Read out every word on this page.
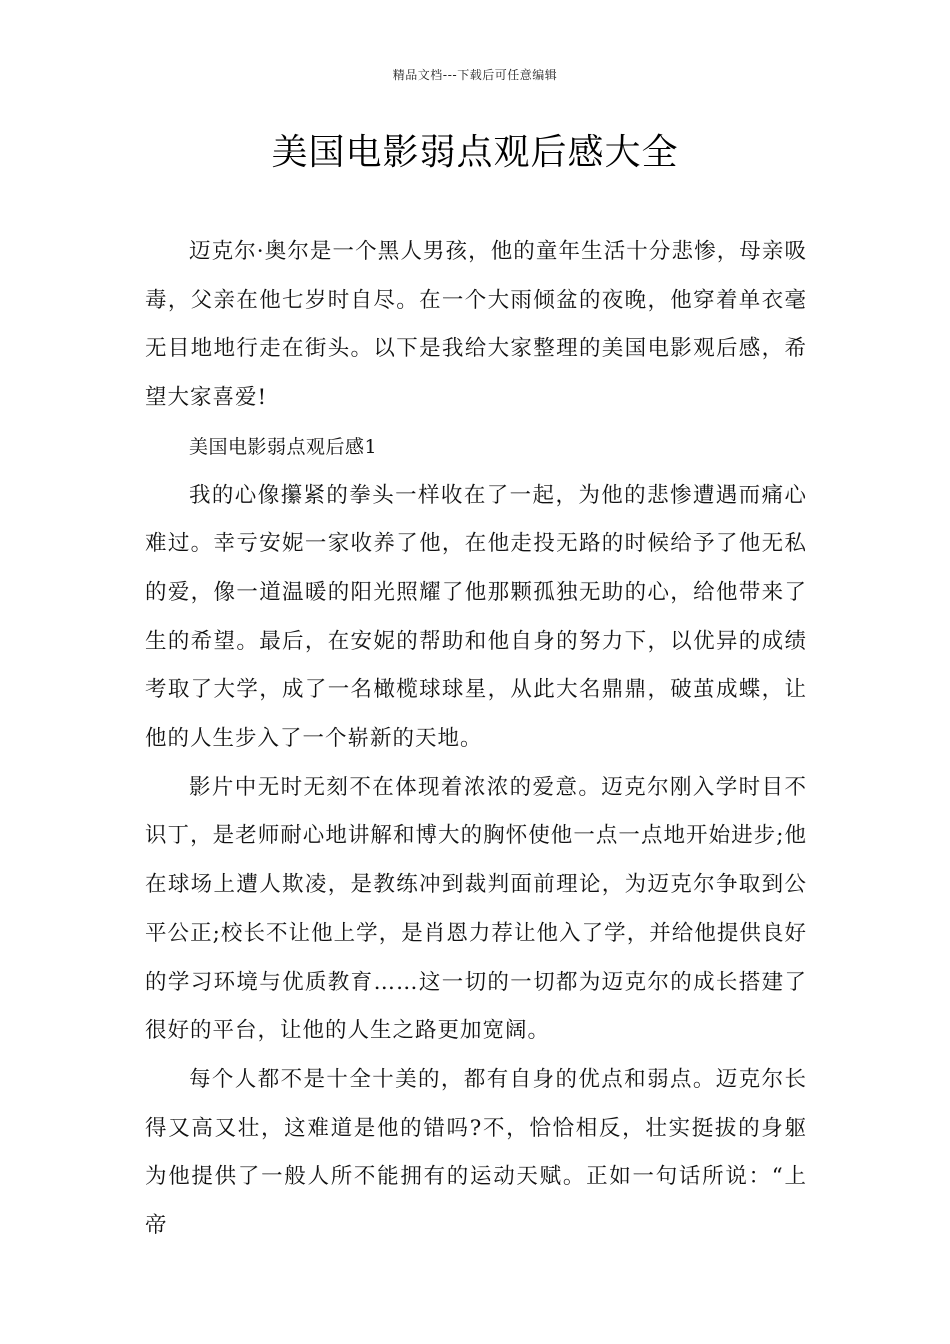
精品文档---下载后可任意编辑
美国电影弱点观后感大全

迈克尔·奥尔是一个黑人男孩，他的童年生活十分悲惨，母亲吸毒，父亲在他七岁时自尽。在一个大雨倾盆的夜晚，他穿着单衣毫无目地地行走在街头。以下是我给大家整理的美国电影观后感，希望大家喜爱!

美国电影弱点观后感1

我的心像攥紧的拳头一样收在了一起，为他的悲惨遭遇而痛心难过。幸亏安妮一家收养了他，在他走投无路的时候给予了他无私的爱，像一道温暖的阳光照耀了他那颗孤独无助的心，给他带来了生的希望。最后，在安妮的帮助和他自身的努力下，以优异的成绩考取了大学，成了一名橄榄球球星，从此大名鼎鼎，破茧成蝶，让他的人生步入了一个崭新的天地。

影片中无时无刻不在体现着浓浓的爱意。迈克尔刚入学时目不识丁，是老师耐心地讲解和博大的胸怀使他一点一点地开始进步;他在球场上遭人欺凌，是教练冲到裁判面前理论，为迈克尔争取到公平公正;校长不让他上学，是肖恩力荐让他入了学，并给他提供良好的学习环境与优质教育……这一切的一切都为迈克尔的成长搭建了很好的平台，让他的人生之路更加宽阔。

每个人都不是十全十美的，都有自身的优点和弱点。迈克尔长得又高又壮，这难道是他的错吗?不，恰恰相反，壮实挺拔的身躯为他提供了一般人所不能拥有的运动天赋。正如一句话所说：“上帝
